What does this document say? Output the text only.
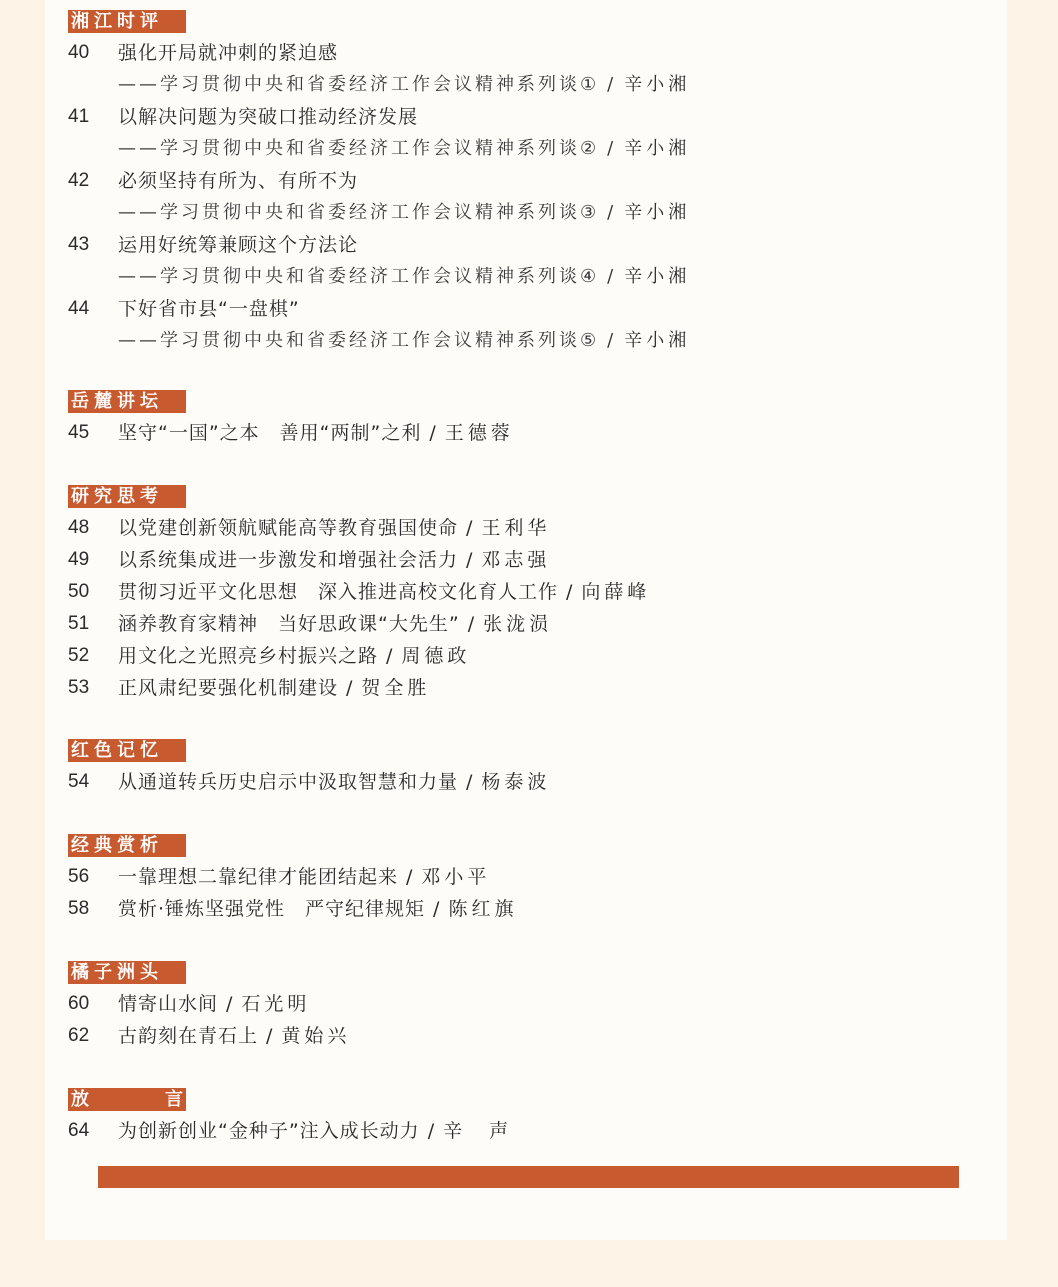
湘江时评
40	强化开局就冲刺的紧迫感
——学习贯彻中央和省委经济工作会议精神系列谈① / 辛小湘
41	以解决问题为突破口推动经济发展
——学习贯彻中央和省委经济工作会议精神系列谈② / 辛小湘
42	必须坚持有所为、有所不为
——学习贯彻中央和省委经济工作会议精神系列谈③ / 辛小湘
43	运用好统筹兼顾这个方法论
——学习贯彻中央和省委经济工作会议精神系列谈④ / 辛小湘
44	下好省市县“一盘棋”
——学习贯彻中央和省委经济工作会议精神系列谈⑤ / 辛小湘
岳麓讲坛
45	坚守“一国”之本　善用“两制”之利 / 王德蓉
研究思考
48	以党建创新领航赋能高等教育强国使命 / 王利华
49	以系统集成进一步激发和增强社会活力 / 邓志强
50	贯彻习近平文化思想　深入推进高校文化育人工作 / 向薛峰
51	涵养教育家精神　当好思政课“大先生” / 张泷涢
52	用文化之光照亮乡村振兴之路 / 周德政
53	正风肃纪要强化机制建设 / 贺全胜
红色记忆
54	从通道转兵历史启示中汲取智慧和力量 / 杨泰波
经典赏析
56	一靠理想二靠纪律才能团结起来 / 邓小平
58	赏析·锤炼坚强党性　严守纪律规矩 / 陈红旗
橘子洲头
60	情寄山水间 / 石光明
62	古韵刻在青石上 / 黄始兴
放言
64	为创新创业“金种子”注入成长动力 / 辛　声
